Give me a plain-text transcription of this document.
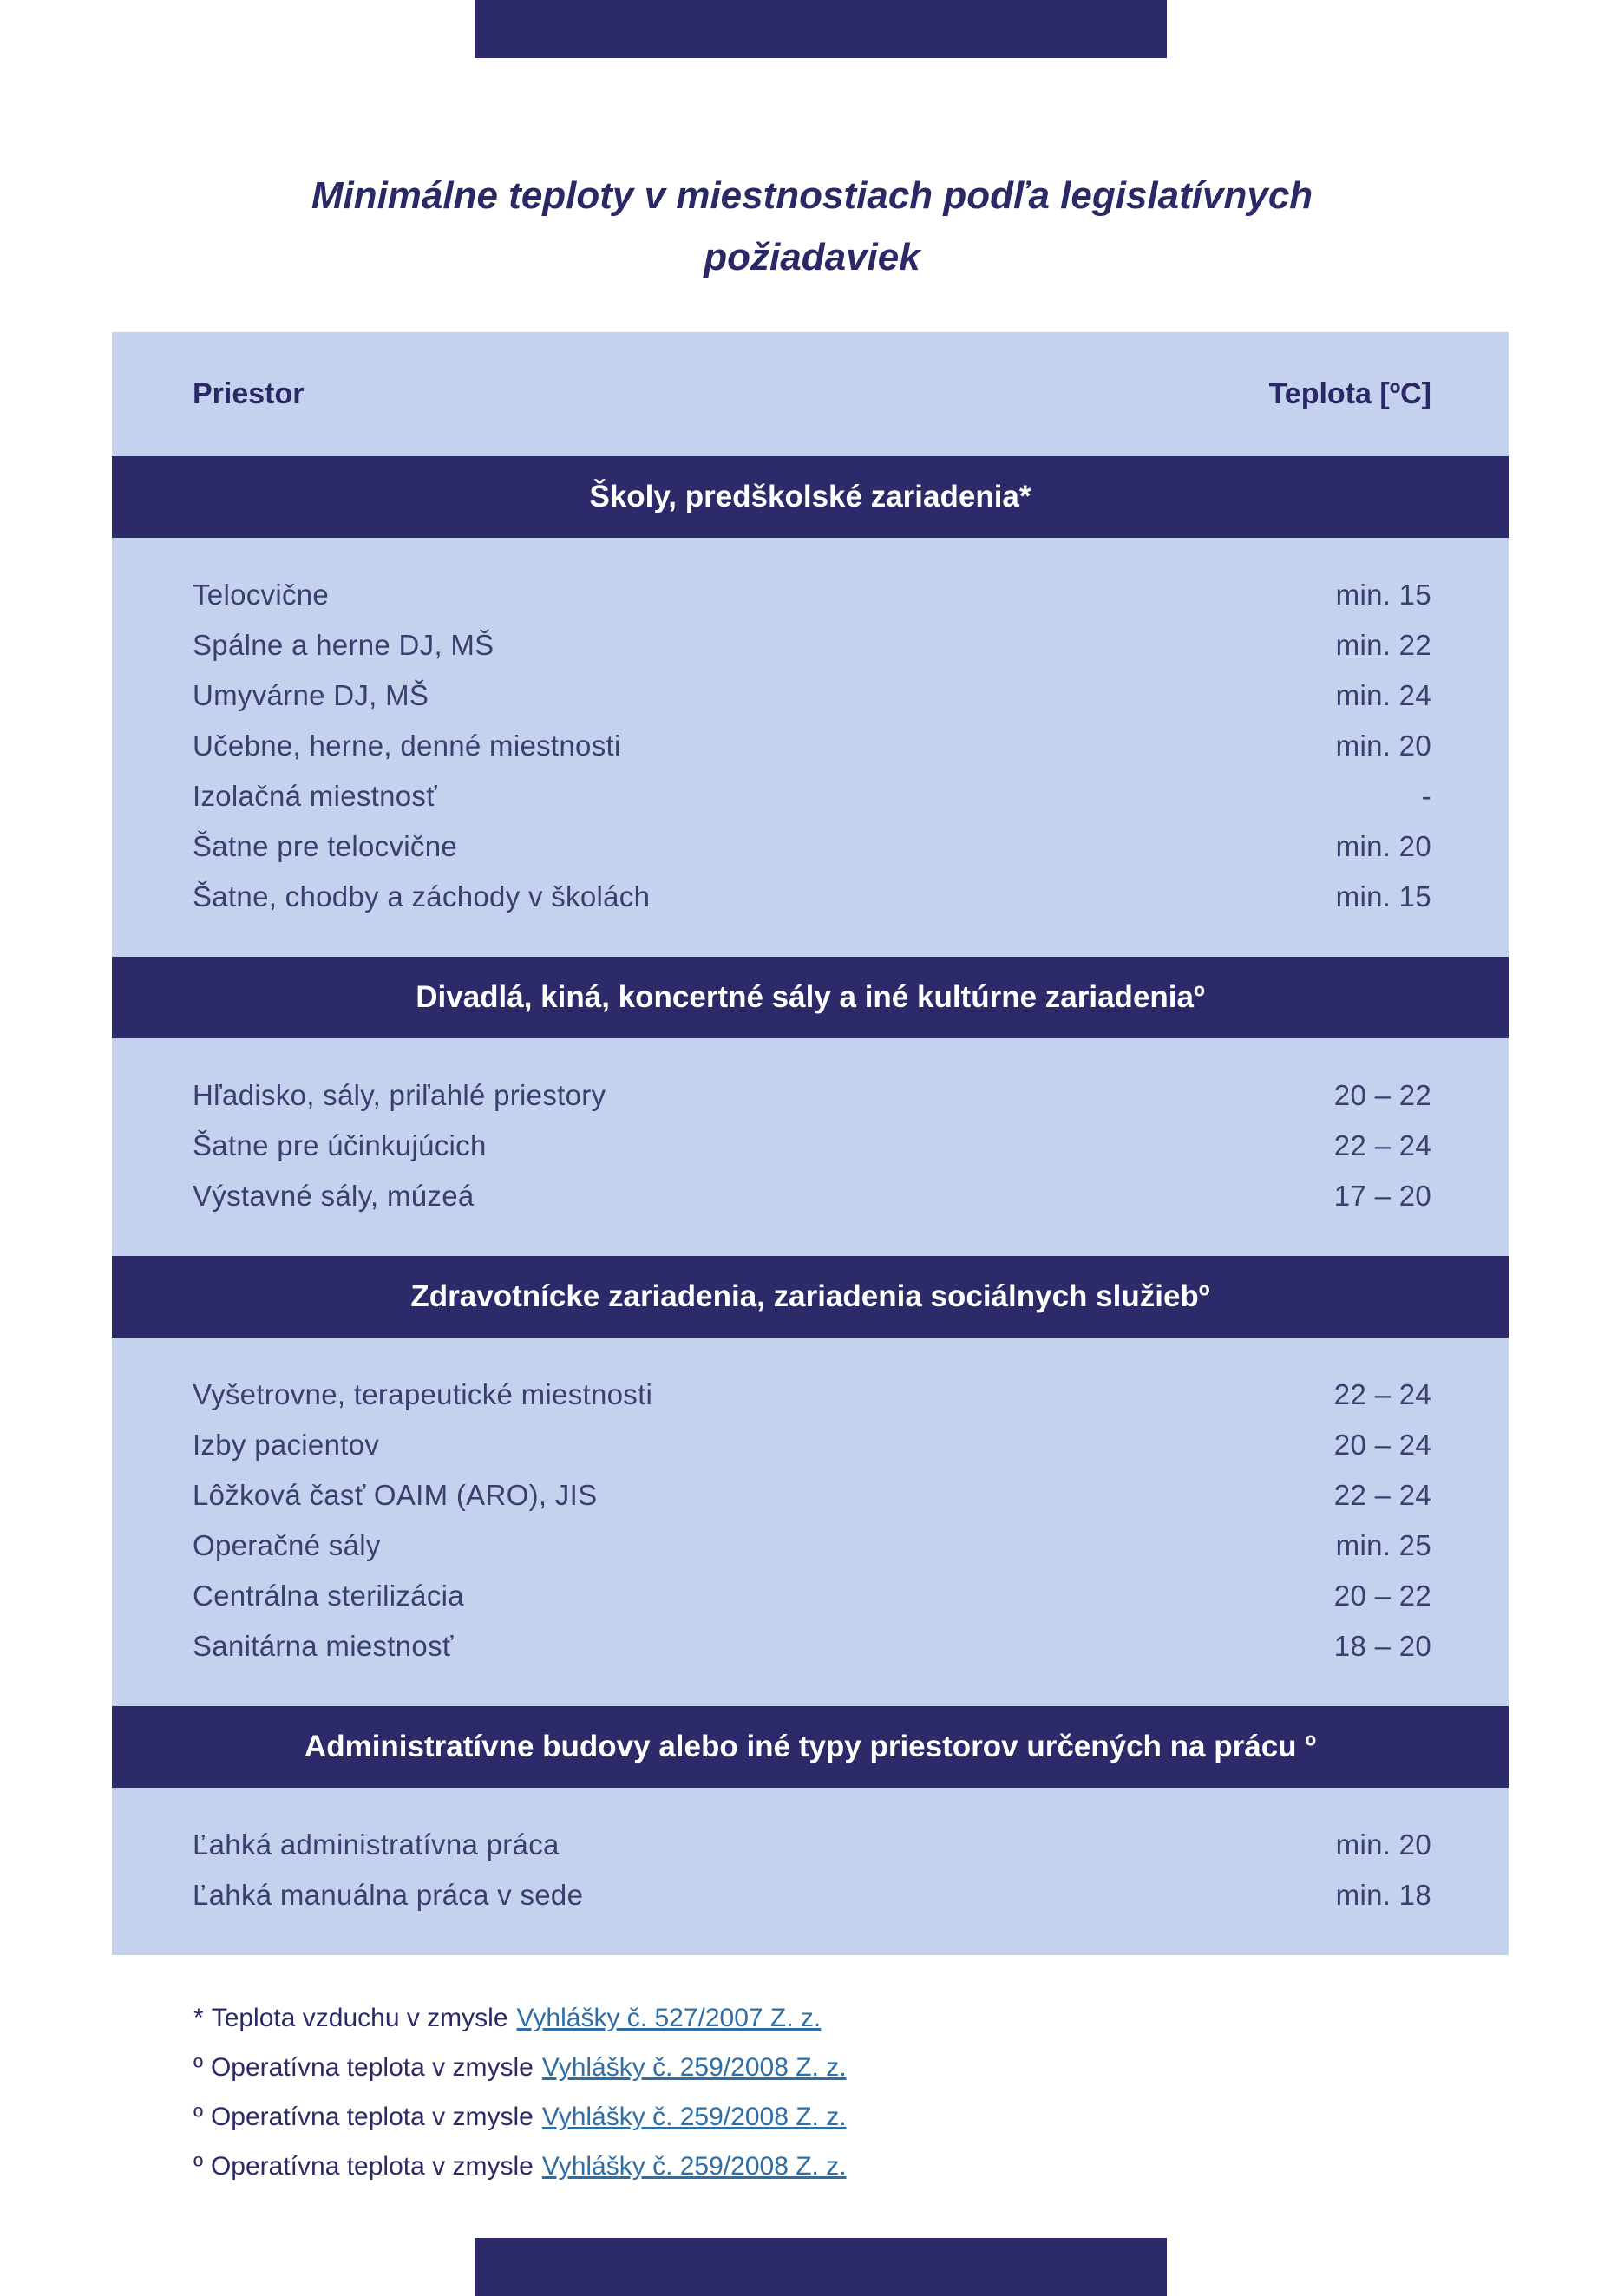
Minimálne teploty v miestnostiach podľa legislatívnych
požiadaviek
Priestor	Teplota [ºC]
Školy, predškolské zariadenia*
Telocvične	min. 15
Spálne a herne DJ, MŠ	min. 22
Umyvárne DJ, MŠ	min. 24
Učebne, herne, denné miestnosti	min. 20
Izolačná miestnosť	-
Šatne pre telocvične	min. 20
Šatne, chodby a záchody v školách	min. 15
Divadlá, kiná, koncertné sály a iné kultúrne zariadeniaº
Hľadisko, sály, priľahlé priestory	20 – 22
Šatne pre účinkujúcich	22 – 24
Výstavné sály, múzeá	17 – 20
Zdravotnícke zariadenia, zariadenia sociálnych služiebº
Vyšetrovne, terapeutické miestnosti	22 – 24
Izby pacientov	20 – 24
Lôžková časť OAIM (ARO), JIS	22 – 24
Operačné sály	min. 25
Centrálna sterilizácia	20 – 22
Sanitárna miestnosť	18 – 20
Administratívne budovy alebo iné typy priestorov určených na prácu º
Ľahká administratívna práca	min. 20
Ľahká manuálna práca v sede	min. 18
* Teplota vzduchu v zmysle Vyhlášky č. 527/2007 Z. z.
º Operatívna teplota v zmysle Vyhlášky č. 259/2008 Z. z.
º Operatívna teplota v zmysle Vyhlášky č. 259/2008 Z. z.
º Operatívna teplota v zmysle Vyhlášky č. 259/2008 Z. z.
